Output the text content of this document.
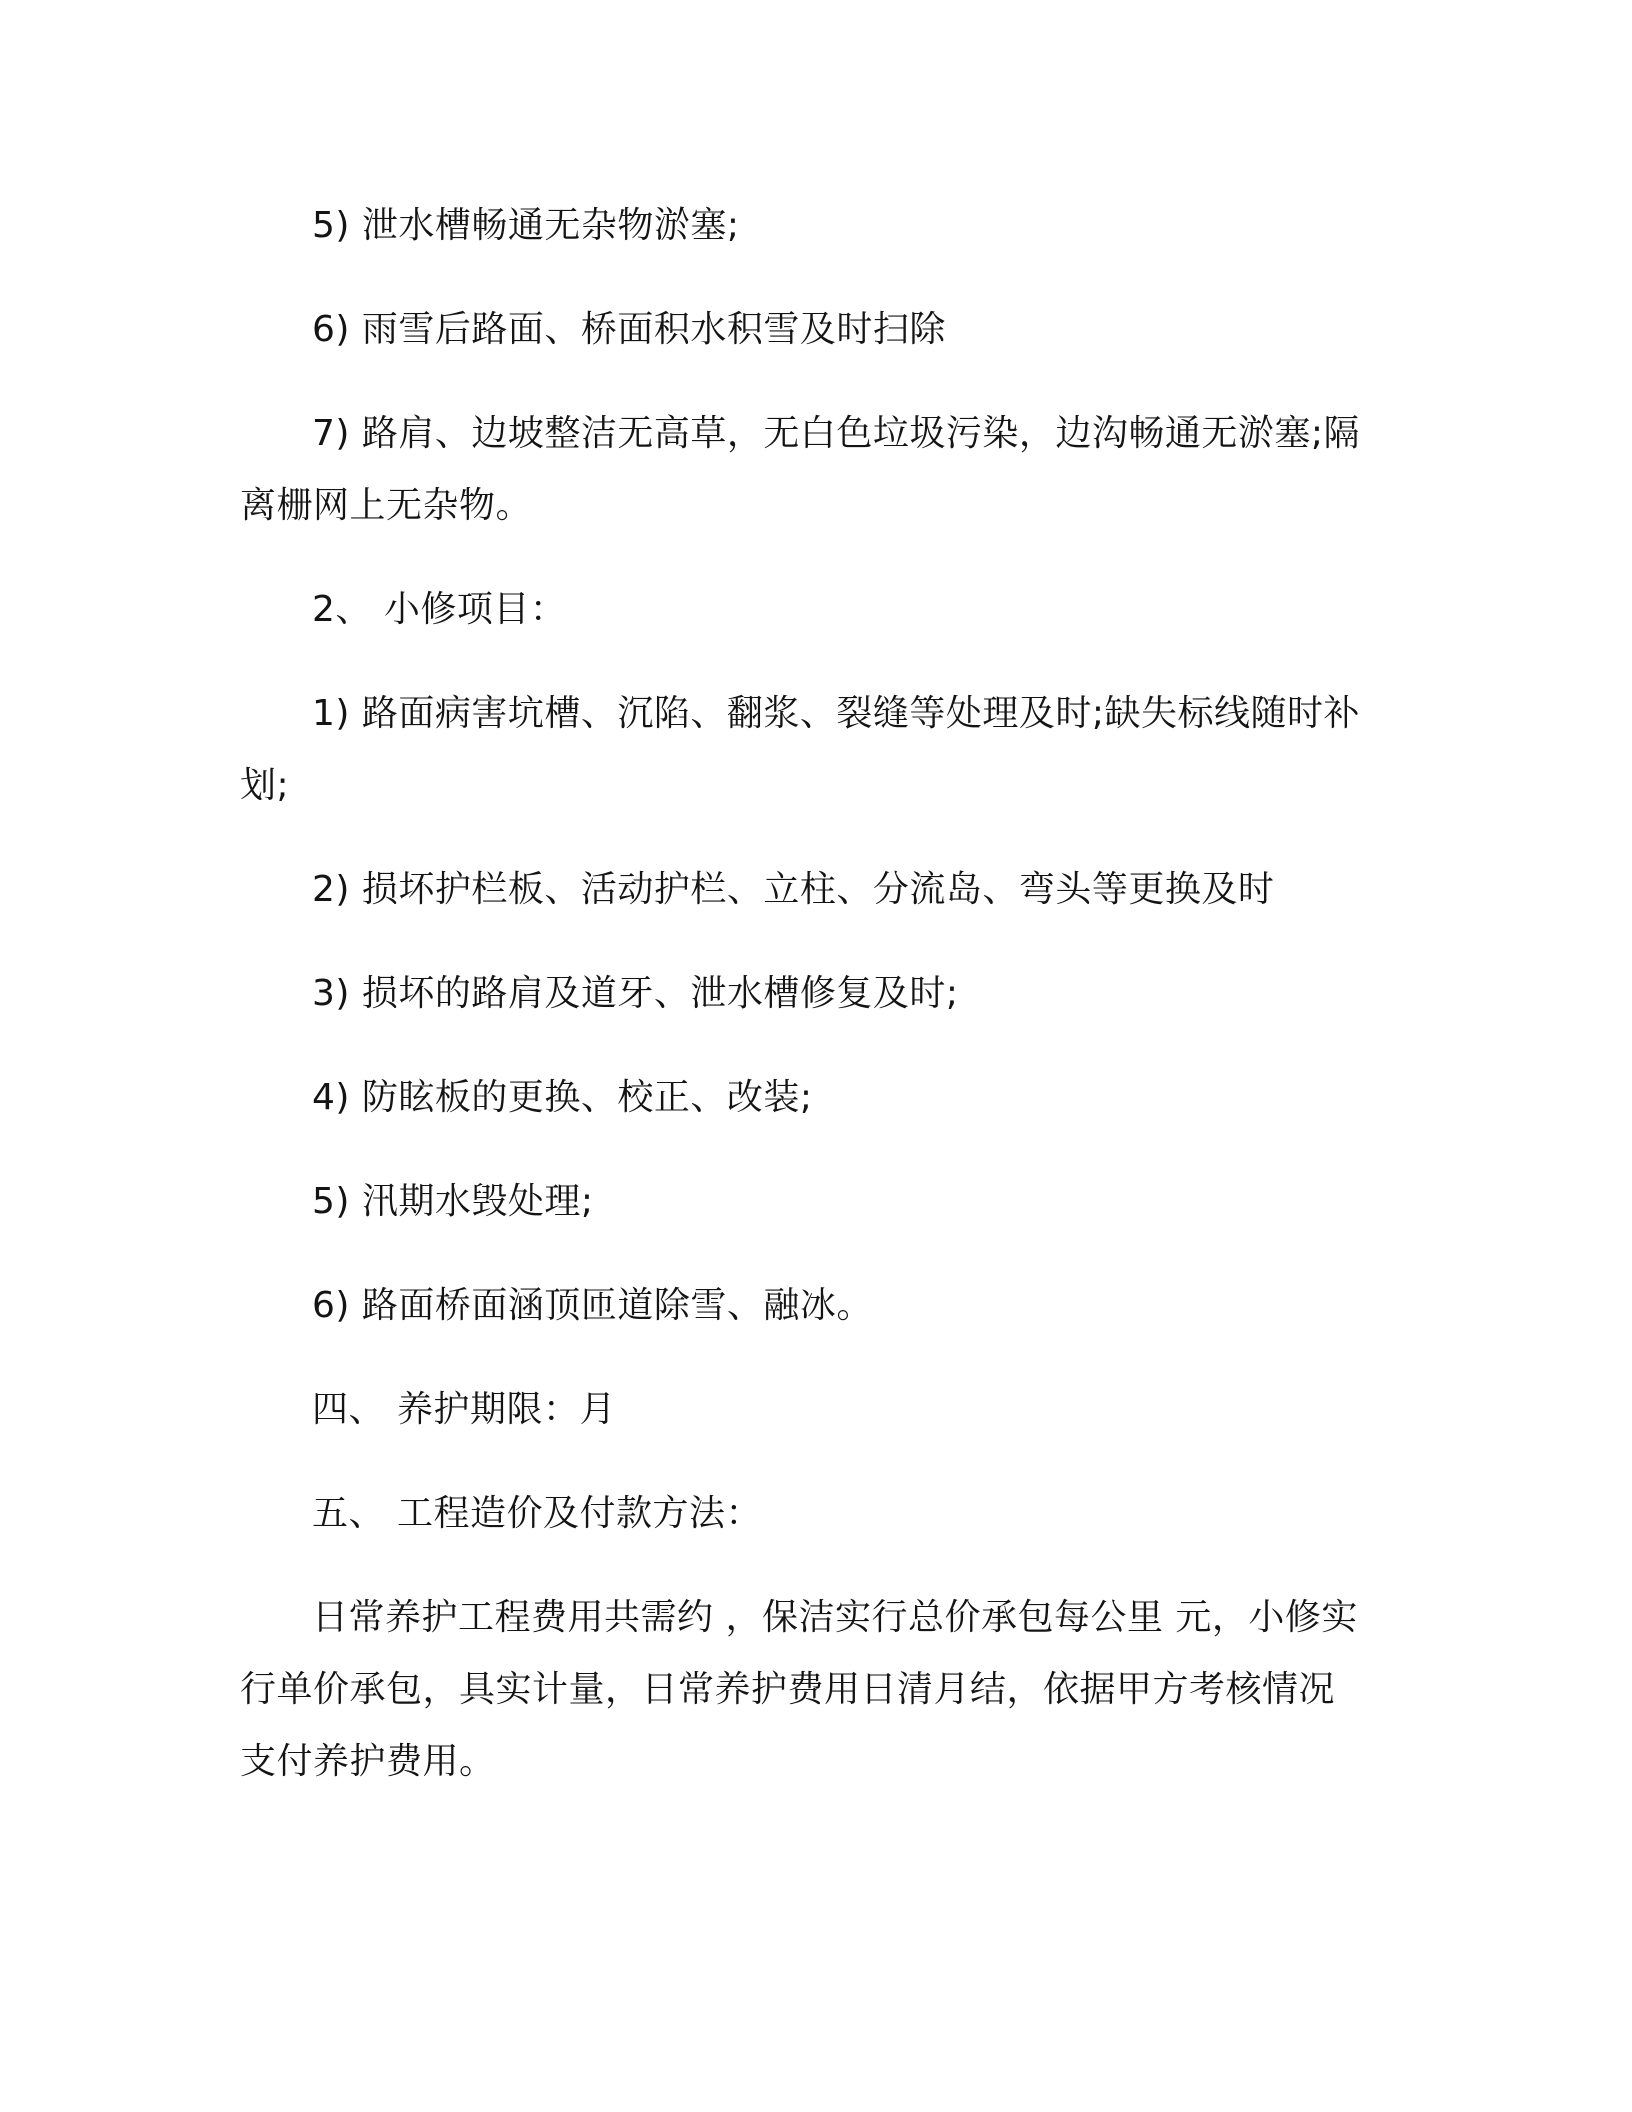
5) 泄水槽畅通无杂物淤塞;

6) 雨雪后路面、桥面积水积雪及时扫除

7) 路肩、边坡整洁无高草，无白色垃圾污染，边沟畅通无淤塞;隔离栅网上无杂物。

2、 小修项目：

1) 路面病害坑槽、沉陷、翻浆、裂缝等处理及时;缺失标线随时补划;

2) 损坏护栏板、活动护栏、立柱、分流岛、弯头等更换及时

3) 损坏的路肩及道牙、泄水槽修复及时;

4) 防眩板的更换、校正、改装;

5) 汛期水毁处理;

6) 路面桥面涵顶匝道除雪、融冰。

四、 养护期限：月

五、 工程造价及付款方法：

日常养护工程费用共需约 ，保洁实行总价承包每公里 元，小修实行单价承包，具实计量，日常养护费用日清月结，依据甲方考核情况支付养护费用。
